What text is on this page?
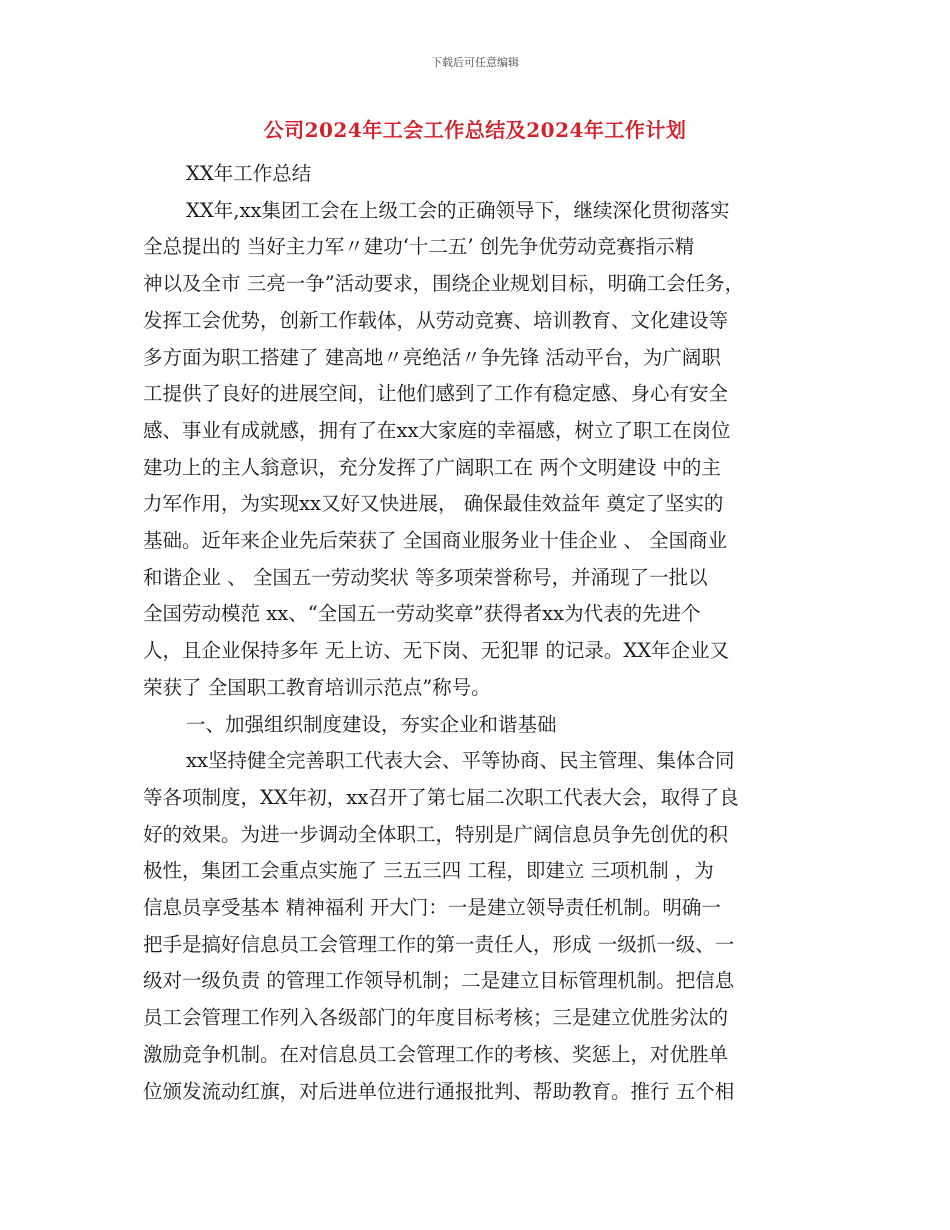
下载后可任意编辑
公司2024年工会工作总结及2024年工作计划
XX年工作总结
XX年,xx集团工会在上级工会的正确领导下，继续深化贯彻落实
全总提出的 当好主力军〃建功‘十二五’ 创先争优劳动竞赛指示精
神以及全市 三亮一争”活动要求，围绕企业规划目标，明确工会任务，
发挥工会优势，创新工作载体，从劳动竞赛、培训教育、文化建设等
多方面为职工搭建了 建高地〃亮绝活〃争先锋 活动平台，为广阔职
工提供了良好的进展空间，让他们感到了工作有稳定感、身心有安全
感、事业有成就感，拥有了在xx大家庭的幸福感，树立了职工在岗位
建功上的主人翁意识，充分发挥了广阔职工在 两个文明建设 中的主
力军作用，为实现xx又好又快进展， 确保最佳效益年 奠定了坚实的
基础。近年来企业先后荣获了 全国商业服务业十佳企业 、 全国商业
和谐企业 、 全国五一劳动奖状 等多项荣誉称号，并涌现了一批以
全国劳动模范 xx、“全国五一劳动奖章”获得者xx为代表的先进个
人，且企业保持多年 无上访、无下岗、无犯罪 的记录。XX年企业又
荣获了 全国职工教育培训示范点”称号。
一、加强组织制度建设，夯实企业和谐基础
xx坚持健全完善职工代表大会、平等协商、民主管理、集体合同
等各项制度，XX年初，xx召开了第七届二次职工代表大会，取得了良
好的效果。为进一步调动全体职工，特别是广阔信息员争先创优的积
极性，集团工会重点实施了 三五三四 工程，即建立 三项机制 ，为
信息员享受基本 精神福利 开大门：一是建立领导责任机制。明确一
把手是搞好信息员工会管理工作的第一责任人，形成 一级抓一级、一
级对一级负责 的管理工作领导机制；二是建立目标管理机制。把信息
员工会管理工作列入各级部门的年度目标考核；三是建立优胜劣汰的
激励竞争机制。在对信息员工会管理工作的考核、奖惩上，对优胜单
位颁发流动红旗，对后进单位进行通报批判、帮助教育。推行 五个相
